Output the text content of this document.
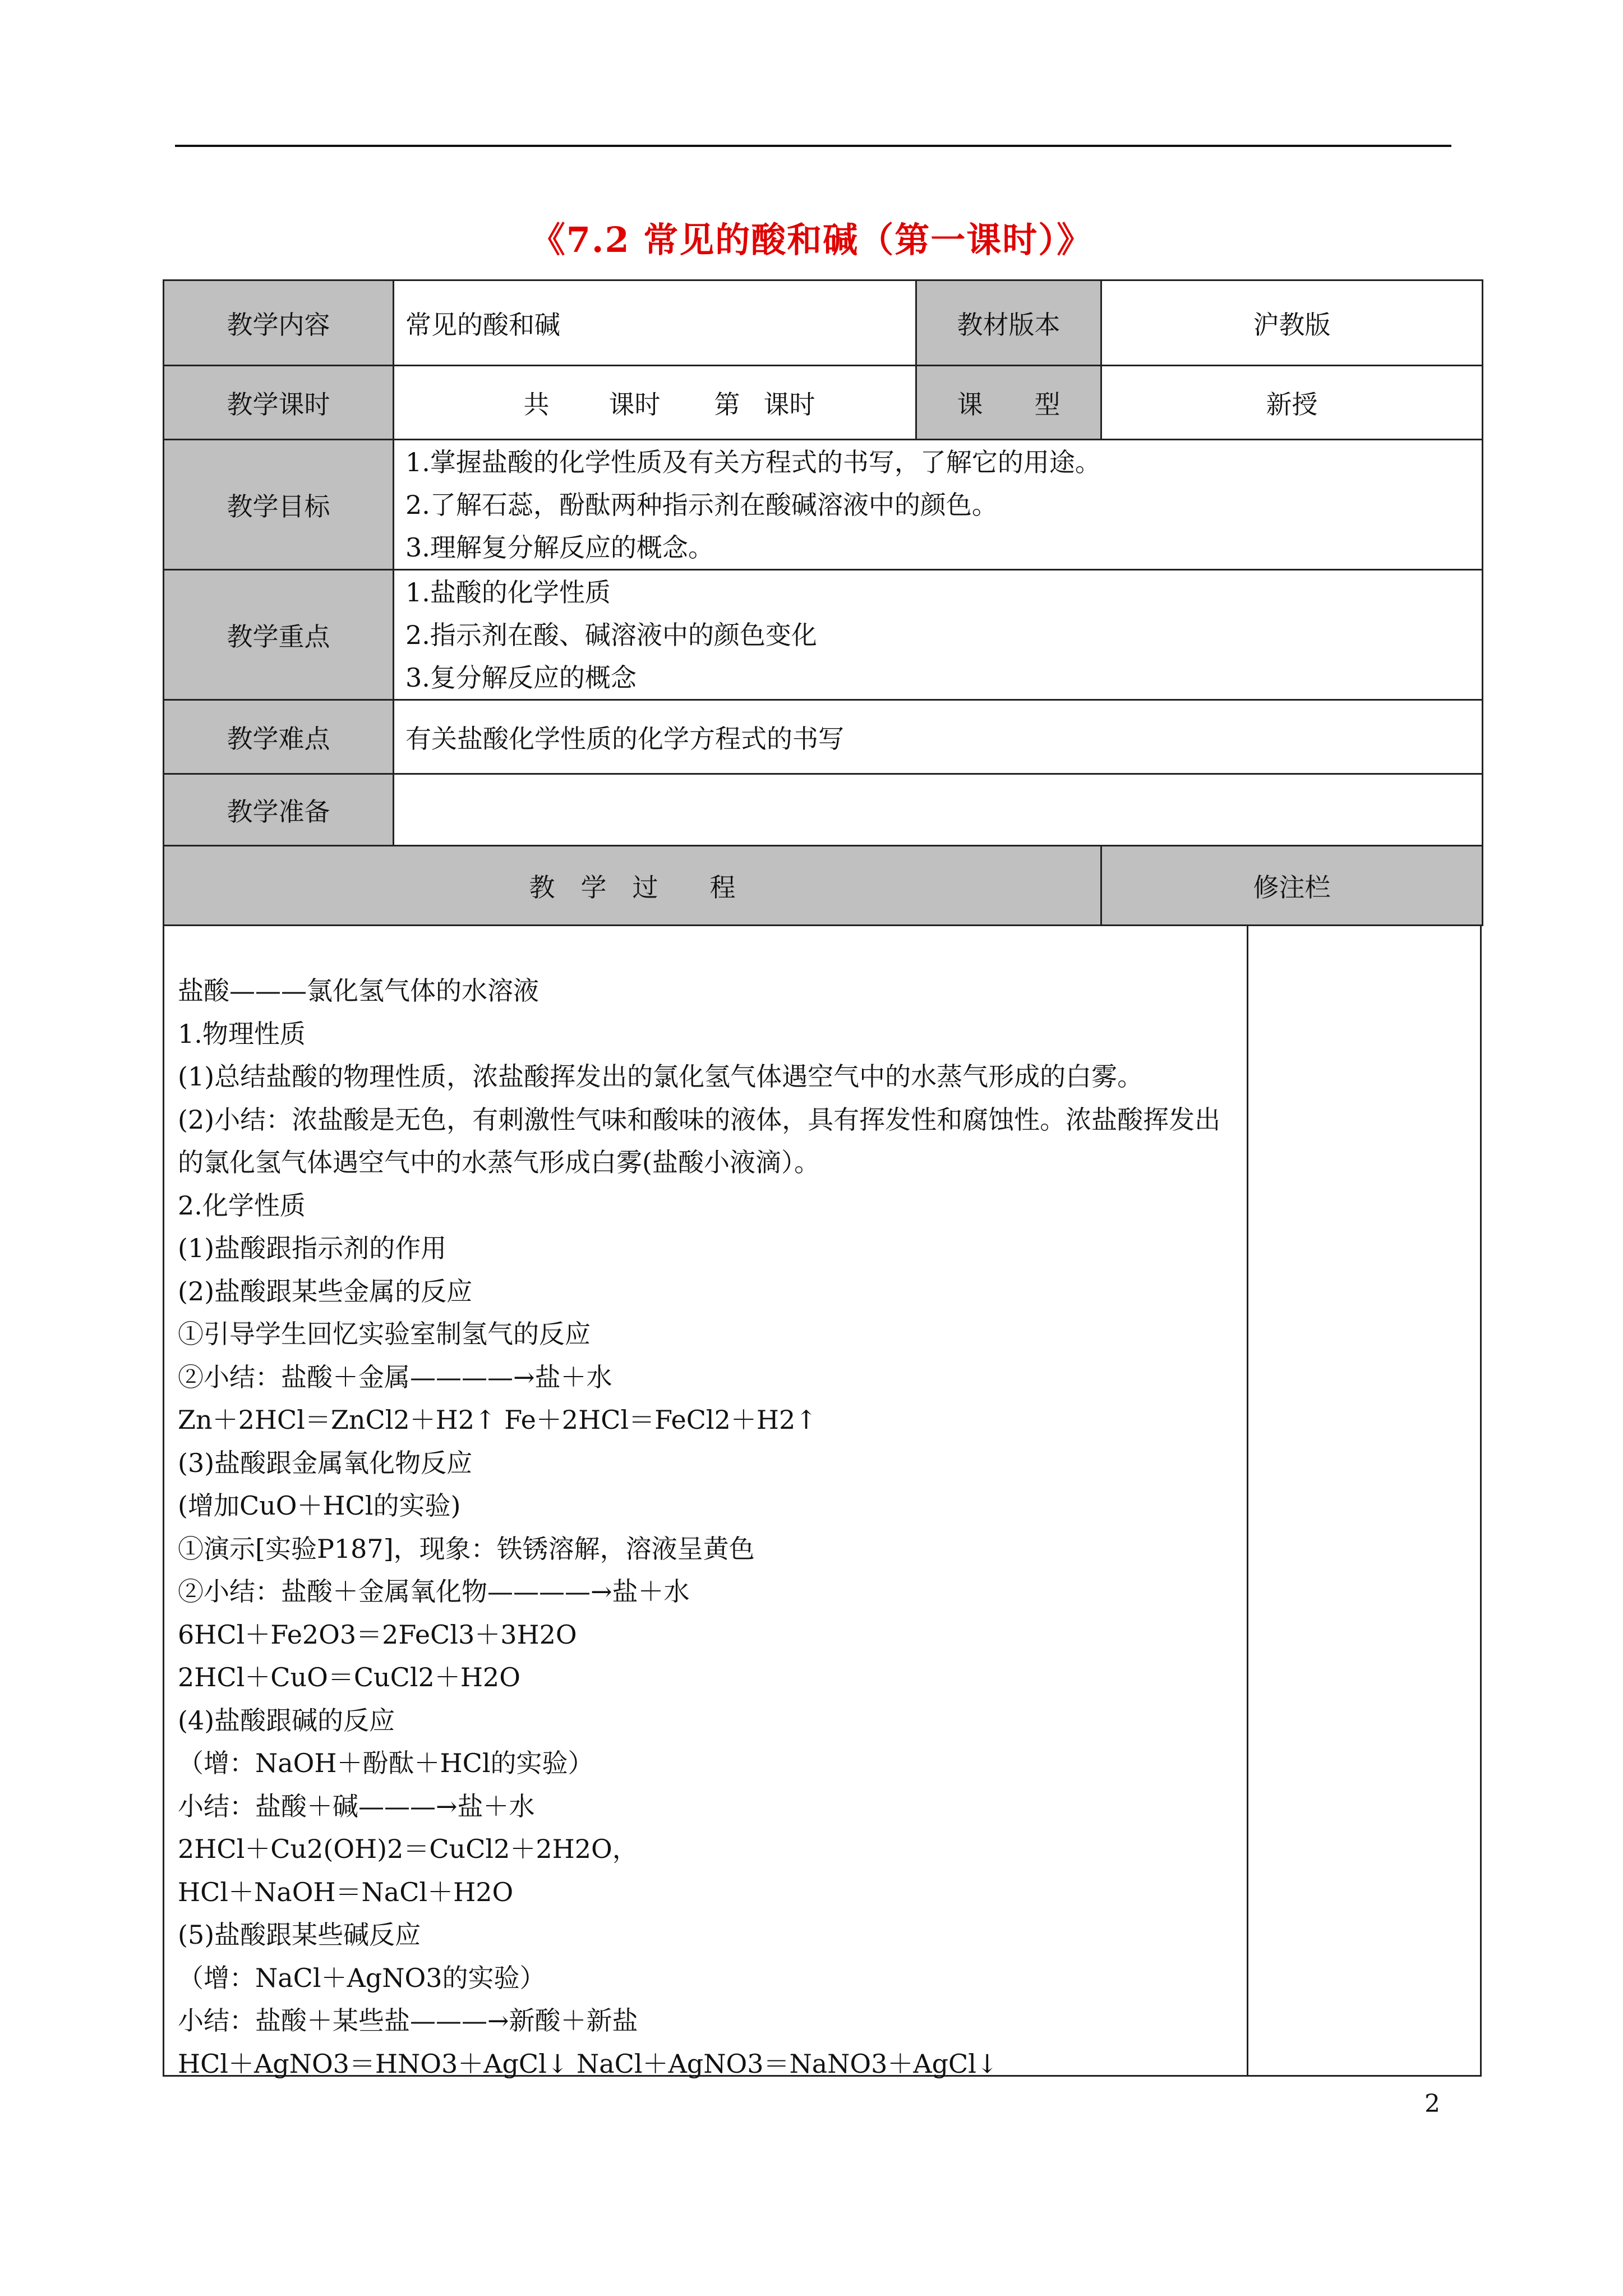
《7.2 常见的酸和碱（第一课时）》
教学内容	常见的酸和碱	教材版本	沪教版
教学课时	共 课时 第 课时	课　　型	新授
教学目标	1.掌握盐酸的化学性质及有关方程式的书写，了解它的用途。
2.了解石蕊，酚酞两种指示剂在酸碱溶液中的颜色。
3.理解复分解反应的概念。		

教学重点	1.盐酸的化学性质
2.指示剂在酸、碱溶液中的颜色变化
3.复分解反应的概念		

教学难点	有关盐酸化学性质的化学方程式的书写		
教学准备			
教　学　过　　程			修注栏
盐酸———氯化氢气体的水溶液
1.物理性质
(1)总结盐酸的物理性质，浓盐酸挥发出的氯化氢气体遇空气中的水蒸气形成的白雾。
(2)小结：浓盐酸是无色，有刺激性气味和酸味的液体，具有挥发性和腐蚀性。浓盐酸挥发出的氯化氢气体遇空气中的水蒸气形成白雾(盐酸小液滴）。
2.化学性质
(1)盐酸跟指示剂的作用
(2)盐酸跟某些金属的反应
①引导学生回忆实验室制氢气的反应
②小结：盐酸＋金属————→盐＋水
Zn＋2HCl＝ZnCl2＋H2↑ Fe＋2HCl＝FeCl2＋H2↑
(3)盐酸跟金属氧化物反应
(增加CuO＋HCl的实验)
①演示[实验P187]，现象：铁锈溶解，溶液呈黄色
②小结：盐酸＋金属氧化物————→盐＋水
6HCl＋Fe2O3＝2FeCl3＋3H2O
2HCl＋CuO＝CuCl2＋H2O
(4)盐酸跟碱的反应
（增：NaOH＋酚酞＋HCl的实验）
小结：盐酸＋碱———→盐＋水
2HCl＋Cu2(OH)2＝CuCl2＋2H2O，
HCl＋NaOH＝NaCl＋H2O
(5)盐酸跟某些碱反应
（增：NaCl＋AgNO3的实验）
小结：盐酸＋某些盐———→新酸＋新盐
HCl＋AgNO3＝HNO3＋AgCl↓ NaCl＋AgNO3＝NaNO3＋AgCl↓
2
